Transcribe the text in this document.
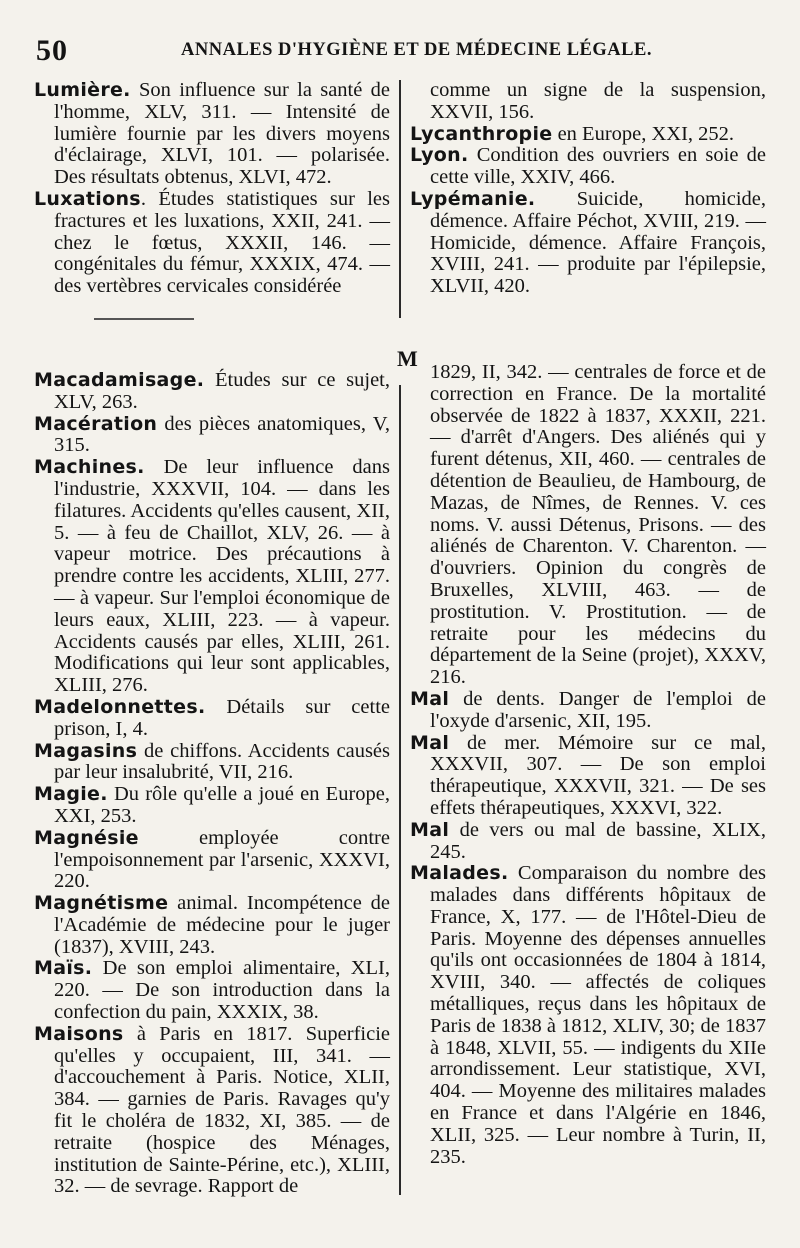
50	ANNALES D'HYGIÈNE ET DE MÉDECINE LÉGALE.
M

Lumière. Son influence sur la santé de l'homme, XLV, 311. — Intensité de lumière fournie par les divers moyens d'éclairage, XLVI, 101. — polarisée. Des résultats obtenus, XLVI, 472.

Luxations. Études statistiques sur les fractures et les luxations, XXII, 241. — chez le fœtus, XXXII, 146. — congénitales du fémur, XXXIX, 474. — des vertèbres cervicales considérée

Macadamisage. Études sur ce sujet, XLV, 263.

Macération des pièces anatomiques, V, 315.

Machines. De leur influence dans l'industrie, XXXVII, 104. — dans les filatures. Accidents qu'elles causent, XII, 5. — à feu de Chaillot, XLV, 26. — à vapeur motrice. Des précautions à prendre contre les accidents, XLIII, 277. — à vapeur. Sur l'emploi économique de leurs eaux, XLIII, 223. — à vapeur. Accidents causés par elles, XLIII, 261. Modifications qui leur sont applicables, XLIII, 276.

Madelonnettes. Détails sur cette prison, I, 4.

Magasins de chiffons. Accidents causés par leur insalubrité, VII, 216.

Magie. Du rôle qu'elle a joué en Europe, XXI, 253.

Magnésie employée contre l'empoisonnement par l'arsenic, XXXVI, 220.

Magnétisme animal. Incompétence de l'Académie de médecine pour le juger (1837), XVIII, 243.

Maïs. De son emploi alimentaire, XLI, 220. — De son introduction dans la confection du pain, XXXIX, 38.

Maisons à Paris en 1817. Superficie qu'elles y occupaient, III, 341. — d'accouchement à Paris. Notice, XLII, 384. — garnies de Paris. Ravages qu'y fit le choléra de 1832, XI, 385. — de retraite (hospice des Ménages, institution de Sainte-Périne, etc.), XLIII, 32. — de sevrage. Rapport de

comme un signe de la suspension, XXVII, 156.

Lycanthropie en Europe, XXI, 252.

Lyon. Condition des ouvriers en soie de cette ville, XXIV, 466.

Lypémanie. Suicide, homicide, démence. Affaire Péchot, XVIII, 219. — Homicide, démence. Affaire François, XVIII, 241. — produite par l'épilepsie, XLVII, 420.

1829, II, 342. — centrales de force et de correction en France. De la mortalité observée de 1822 à 1837, XXXII, 221. — d'arrêt d'Angers. Des aliénés qui y furent détenus, XII, 460. — centrales de détention de Beaulieu, de Hambourg, de Mazas, de Nîmes, de Rennes. V. ces noms. V. aussi Détenus, Prisons. — des aliénés de Charenton. V. Charenton. — d'ouvriers. Opinion du congrès de Bruxelles, XLVIII, 463. — de prostitution. V. Prostitution. — de retraite pour les médecins du département de la Seine (projet), XXXV, 216.

Mal de dents. Danger de l'emploi de l'oxyde d'arsenic, XII, 195.

Mal de mer. Mémoire sur ce mal, XXXVII, 307. — De son emploi thérapeutique, XXXVII, 321. — De ses effets thérapeutiques, XXXVI, 322.

Mal de vers ou mal de bassine, XLIX, 245.

Malades. Comparaison du nombre des malades dans différents hôpitaux de France, X, 177. — de l'Hôtel-Dieu de Paris. Moyenne des dépenses annuelles qu'ils ont occasionnées de 1804 à 1814, XVIII, 340. — affectés de coliques métalliques, reçus dans les hôpitaux de Paris de 1838 à 1812, XLIV, 30; de 1837 à 1848, XLVII, 55. — indigents du XIIe arrondissement. Leur statistique, XVI, 404. — Moyenne des militaires malades en France et dans l'Algérie en 1846, XLII, 325. — Leur nombre à Turin, II, 235.
